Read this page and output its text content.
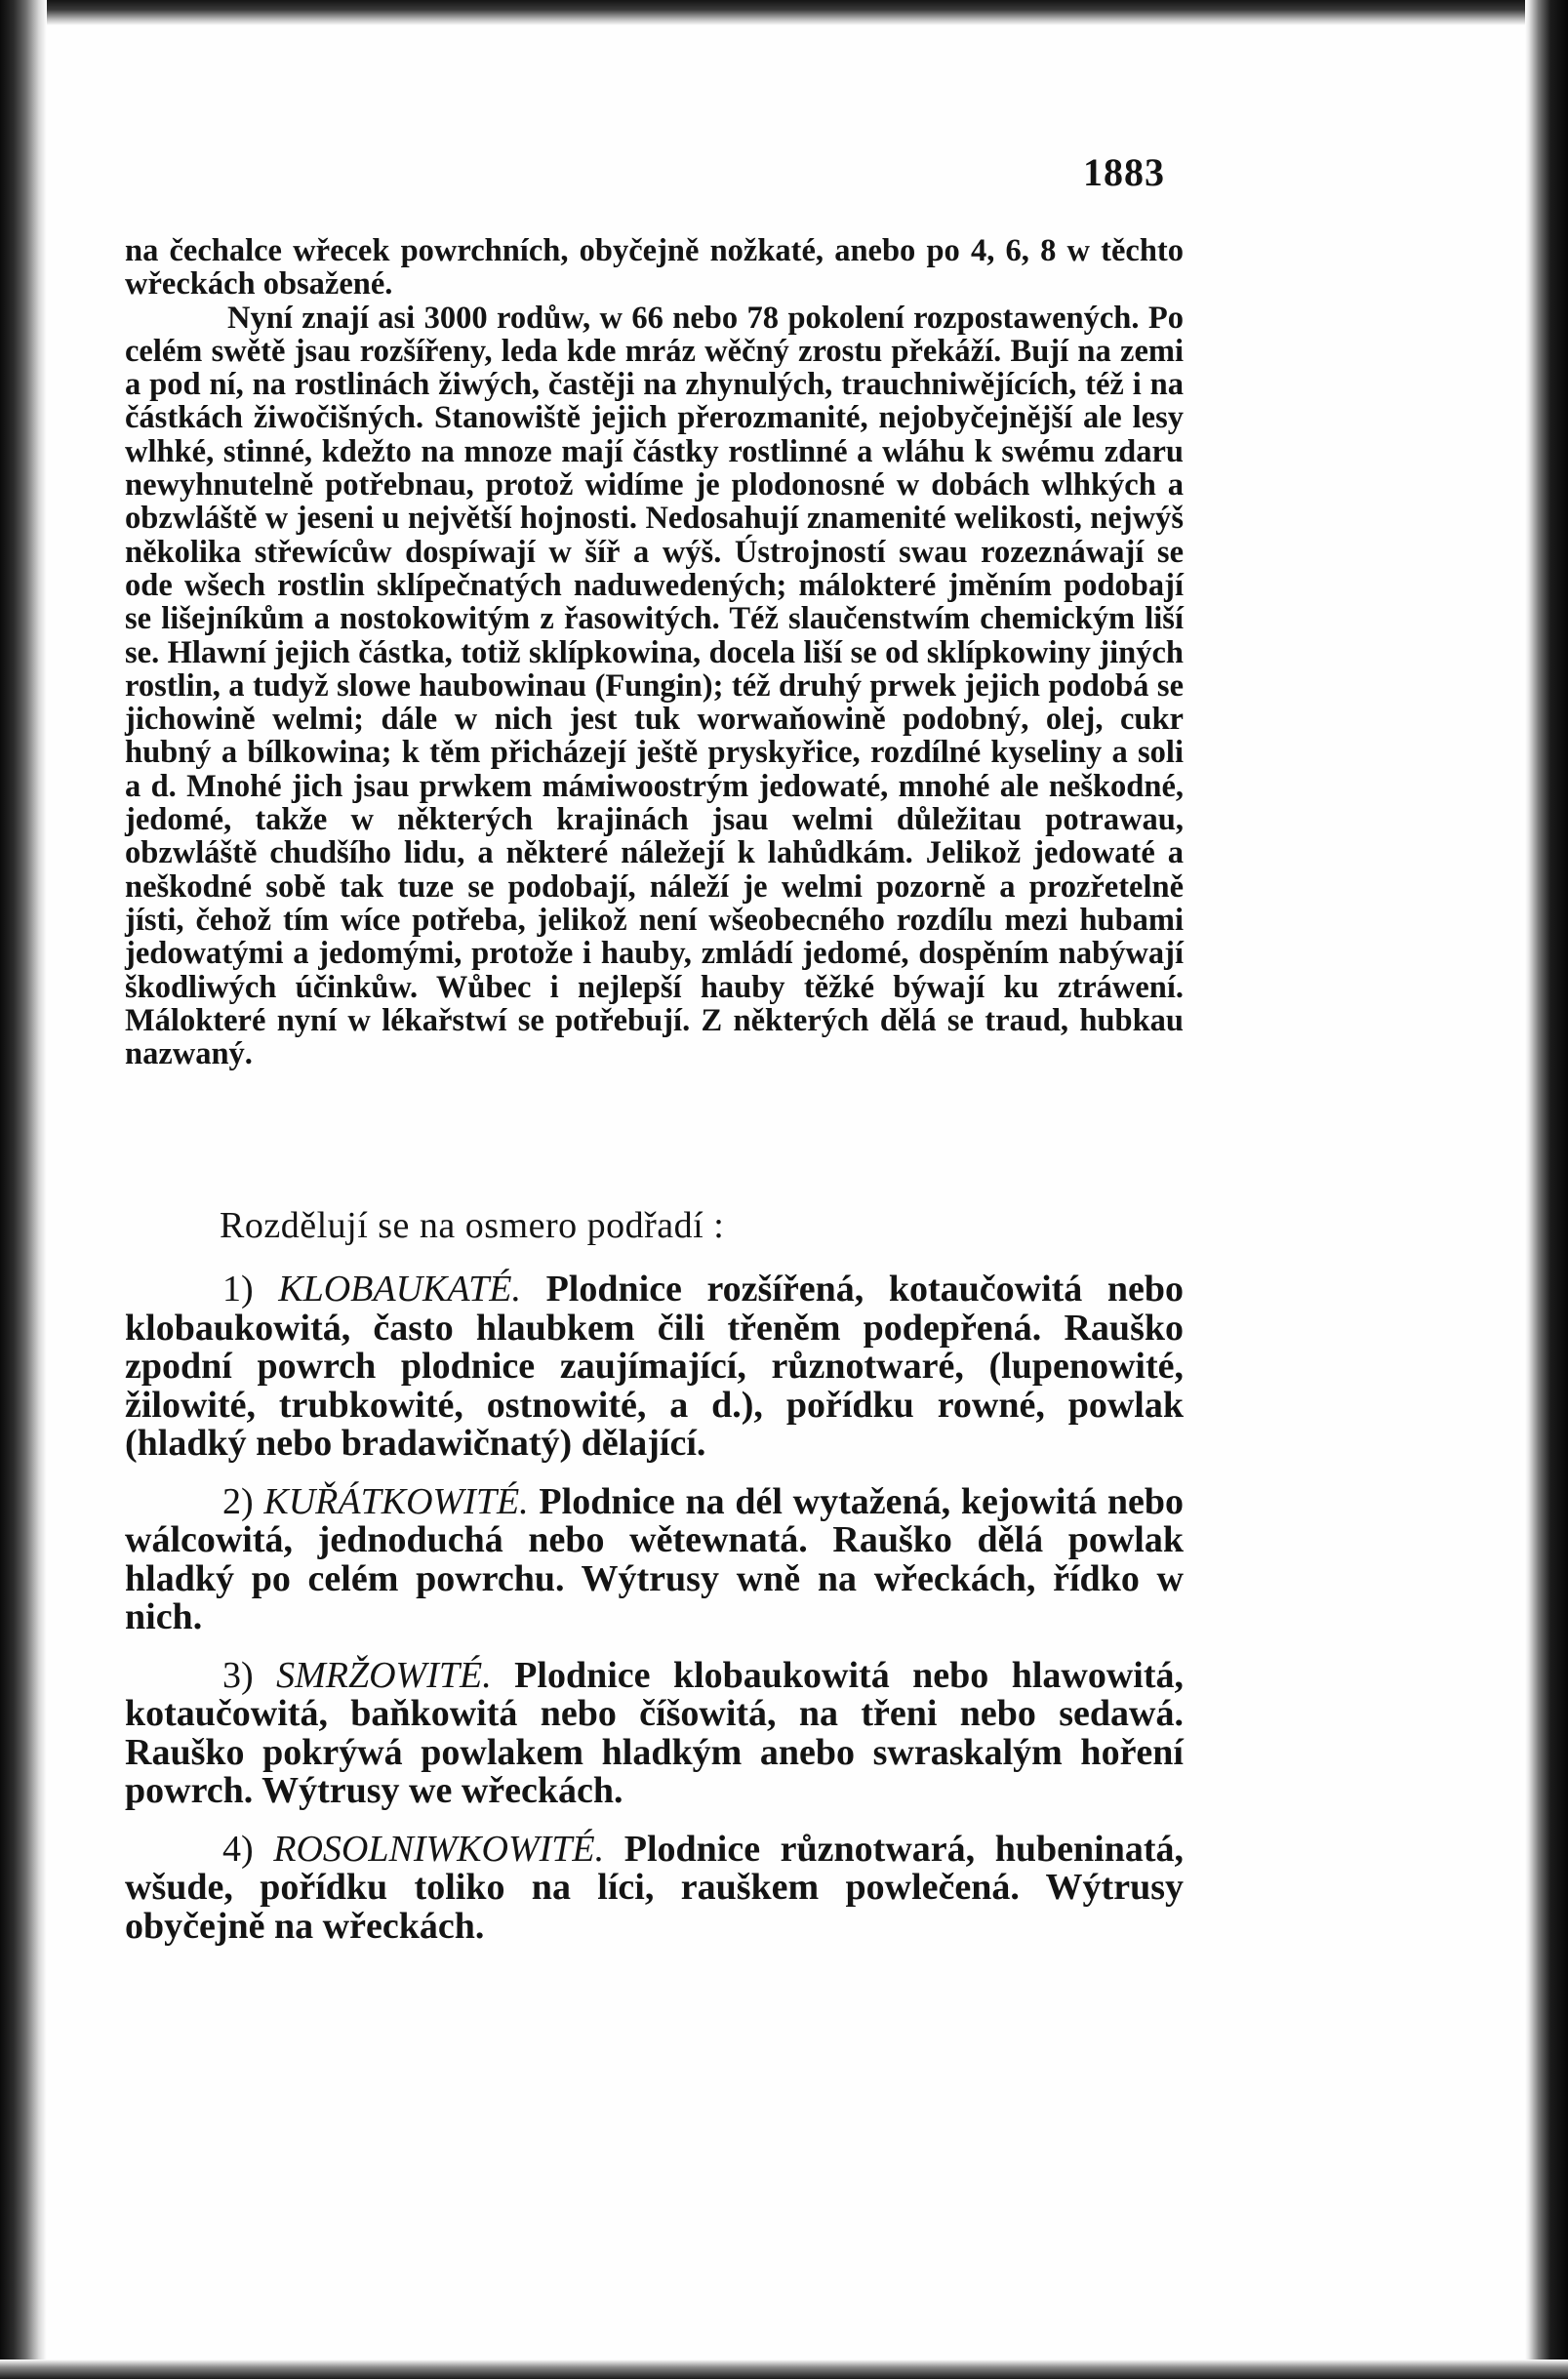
1883

na čechalce wřecek powrchních, obyčejně nožkaté, anebo po 4, 6, 8 w těchto wřeckách obsažené.

Nyní znají asi 3000 rodůw, w 66 nebo 78 pokolení rozpostawených. Po celém swětě jsau rozšířeny, leda kde mráz wěčný zrostu překáží. Bují na zemi a pod ní, na rostlinách žiwých, častěji na zhynulých, trauchniwějících, též i na částkách žiwočišných. Stanowiště jejich přerozmanité, nejobyčejnější ale lesy wlhké, stinné, kdežto na mnoze mají částky rostlinné a wláhu k swému zdaru newyhnutelně potřebnau, protož widíme je plodonosné w dobách wlhkých a obzwláště w jeseni u největší hojnosti. Nedosahují znamenité welikosti, nejwýš několika střewícůw dospíwají w šíř a wýš. Ústrojností swau rozeznáwají se ode wšech rostlin sklípečnatých naduwedených; málokteré jměním podobají se lišejníkům a nostokowitým z řasowitých. Též slaučenstwím chemickým liší se. Hlawní jejich částka, totiž sklípkowina, docela liší se od sklípkowiny jiných rostlin, a tudyž slowe haubowinau (Fungin); též druhý prwek jejich podobá se jichowině welmi; dále w nich jest tuk worwaňowině podobný, olej, cukr hubný a bílkowina; k těm přicházejí ještě pryskyřice, rozdílné kyseliny a soli a d. Mnohé jich jsau prwkem máміwoostrým jedowaté, mnohé ale neškodné, jedomé, takže w některých krajinách jsau welmi důležitau potrawau, obzwláště chudšího lidu, a některé náležejí k lahůdkám. Jelikož jedowaté a neškodné sobě tak tuze se podobají, náleží je welmi pozorně a prozřetelně jísti, čehož tím wíce potřeba, jelikož není wšeobecného rozdílu mezi hubami jedowatými a jedomými, protože i hauby, zmládí jedomé, dospěním nabýwají škodliwých účinkůw. Wůbec i nejlepší hauby těžké býwají ku ztráwení. Málokteré nyní w lékařstwí se potřebují. Z některých dělá se traud, hubkau nazwaný.

Rozdělují se na osmero podřadí :

1) KLOBAUKATÉ. Plodnice rozšířená, kotaučowitá nebo klobaukowitá, často hlaubkem čili třeněm podepřená. Rauško zpodní powrch plodnice zaujímající, různotwaré, (lupenowité, žilowité, trubkowité, ostnowité, a d.), pořídku rowné, powlak (hladký nebo bradawičnatý) dělající.

2) KUŘÁTKOWITÉ. Plodnice na dél wytažená, kejowitá nebo wálcowitá, jednoduchá nebo wětewnatá. Rauško dělá powlak hladký po celém powrchu. Wýtrusy wně na wřeckách, řídko w nich.

3) SMRŽOWITÉ. Plodnice klobaukowitá nebo hlawowitá, kotaučowitá, baňkowitá nebo číšowitá, na třeni nebo sedawá. Rauško pokrýwá powlakem hladkým anebo swraskalým hoření powrch. Wýtrusy we wřeckách.

4) ROSOLNIWKOWITÉ. Plodnice různotwará, hubeninatá, wšude, pořídku toliko na líci, rauškem powlečená. Wýtrusy obyčejně na wřeckách.
